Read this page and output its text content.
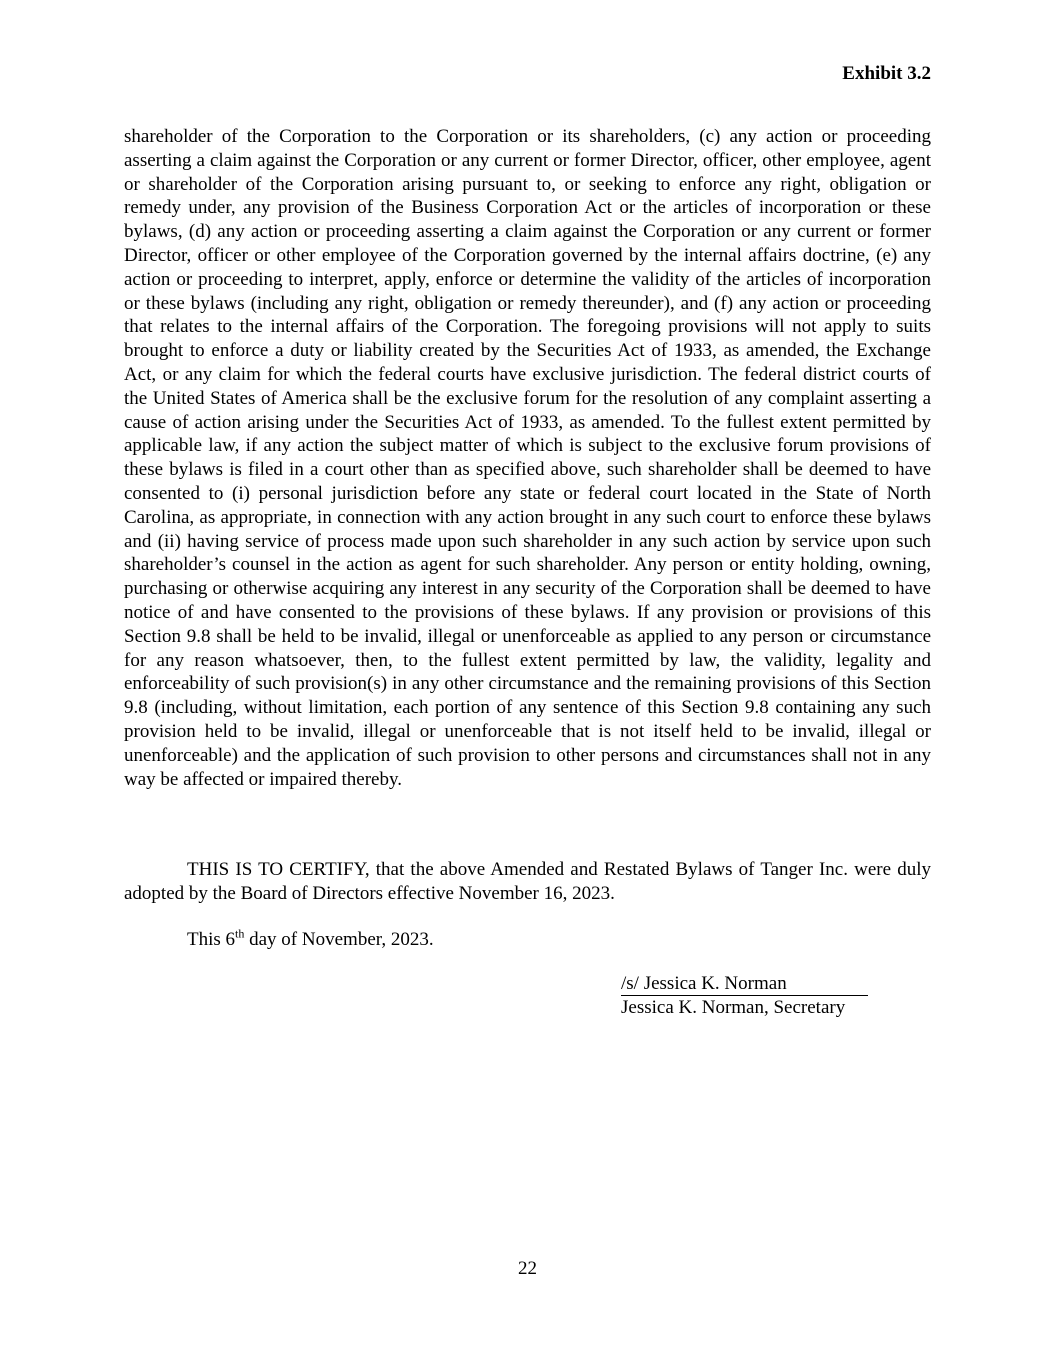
Exhibit 3.2

shareholder of the Corporation to the Corporation or its shareholders, (c) any action or proceeding asserting a claim against the Corporation or any current or former Director, officer, other employee, agent or shareholder of the Corporation arising pursuant to, or seeking to enforce any right, obligation or remedy under, any provision of the Business Corporation Act or the articles of incorporation or these bylaws, (d) any action or proceeding asserting a claim against the Corporation or any current or former Director, officer or other employee of the Corporation governed by the internal affairs doctrine, (e) any action or proceeding to interpret, apply, enforce or determine the validity of the articles of incorporation or these bylaws (including any right, obligation or remedy thereunder), and (f) any action or proceeding that relates to the internal affairs of the Corporation. The foregoing provisions will not apply to suits brought to enforce a duty or liability created by the Securities Act of 1933, as amended, the Exchange Act, or any claim for which the federal courts have exclusive jurisdiction. The federal district courts of the United States of America shall be the exclusive forum for the resolution of any complaint asserting a cause of action arising under the Securities Act of 1933, as amended. To the fullest extent permitted by applicable law, if any action the subject matter of which is subject to the exclusive forum provisions of these bylaws is filed in a court other than as specified above, such shareholder shall be deemed to have consented to (i) personal jurisdiction before any state or federal court located in the State of North Carolina, as appropriate, in connection with any action brought in any such court to enforce these bylaws and (ii) having service of process made upon such shareholder in any such action by service upon such shareholder’s counsel in the action as agent for such shareholder. Any person or entity holding, owning, purchasing or otherwise acquiring any interest in any security of the Corporation shall be deemed to have notice of and have consented to the provisions of these bylaws. If any provision or provisions of this Section 9.8 shall be held to be invalid, illegal or unenforceable as applied to any person or circumstance for any reason whatsoever, then, to the fullest extent permitted by law, the validity, legality and enforceability of such provision(s) in any other circumstance and the remaining provisions of this Section 9.8 (including, without limitation, each portion of any sentence of this Section 9.8 containing any such provision held to be invalid, illegal or unenforceable that is not itself held to be invalid, illegal or unenforceable) and the application of such provision to other persons and circumstances shall not in any way be affected or impaired thereby.

THIS IS TO CERTIFY, that the above Amended and Restated Bylaws of Tanger Inc. were duly adopted by the Board of Directors effective November 16, 2023.

This 6th day of November, 2023.

/s/ Jessica K. Norman
Jessica K. Norman, Secretary
22
